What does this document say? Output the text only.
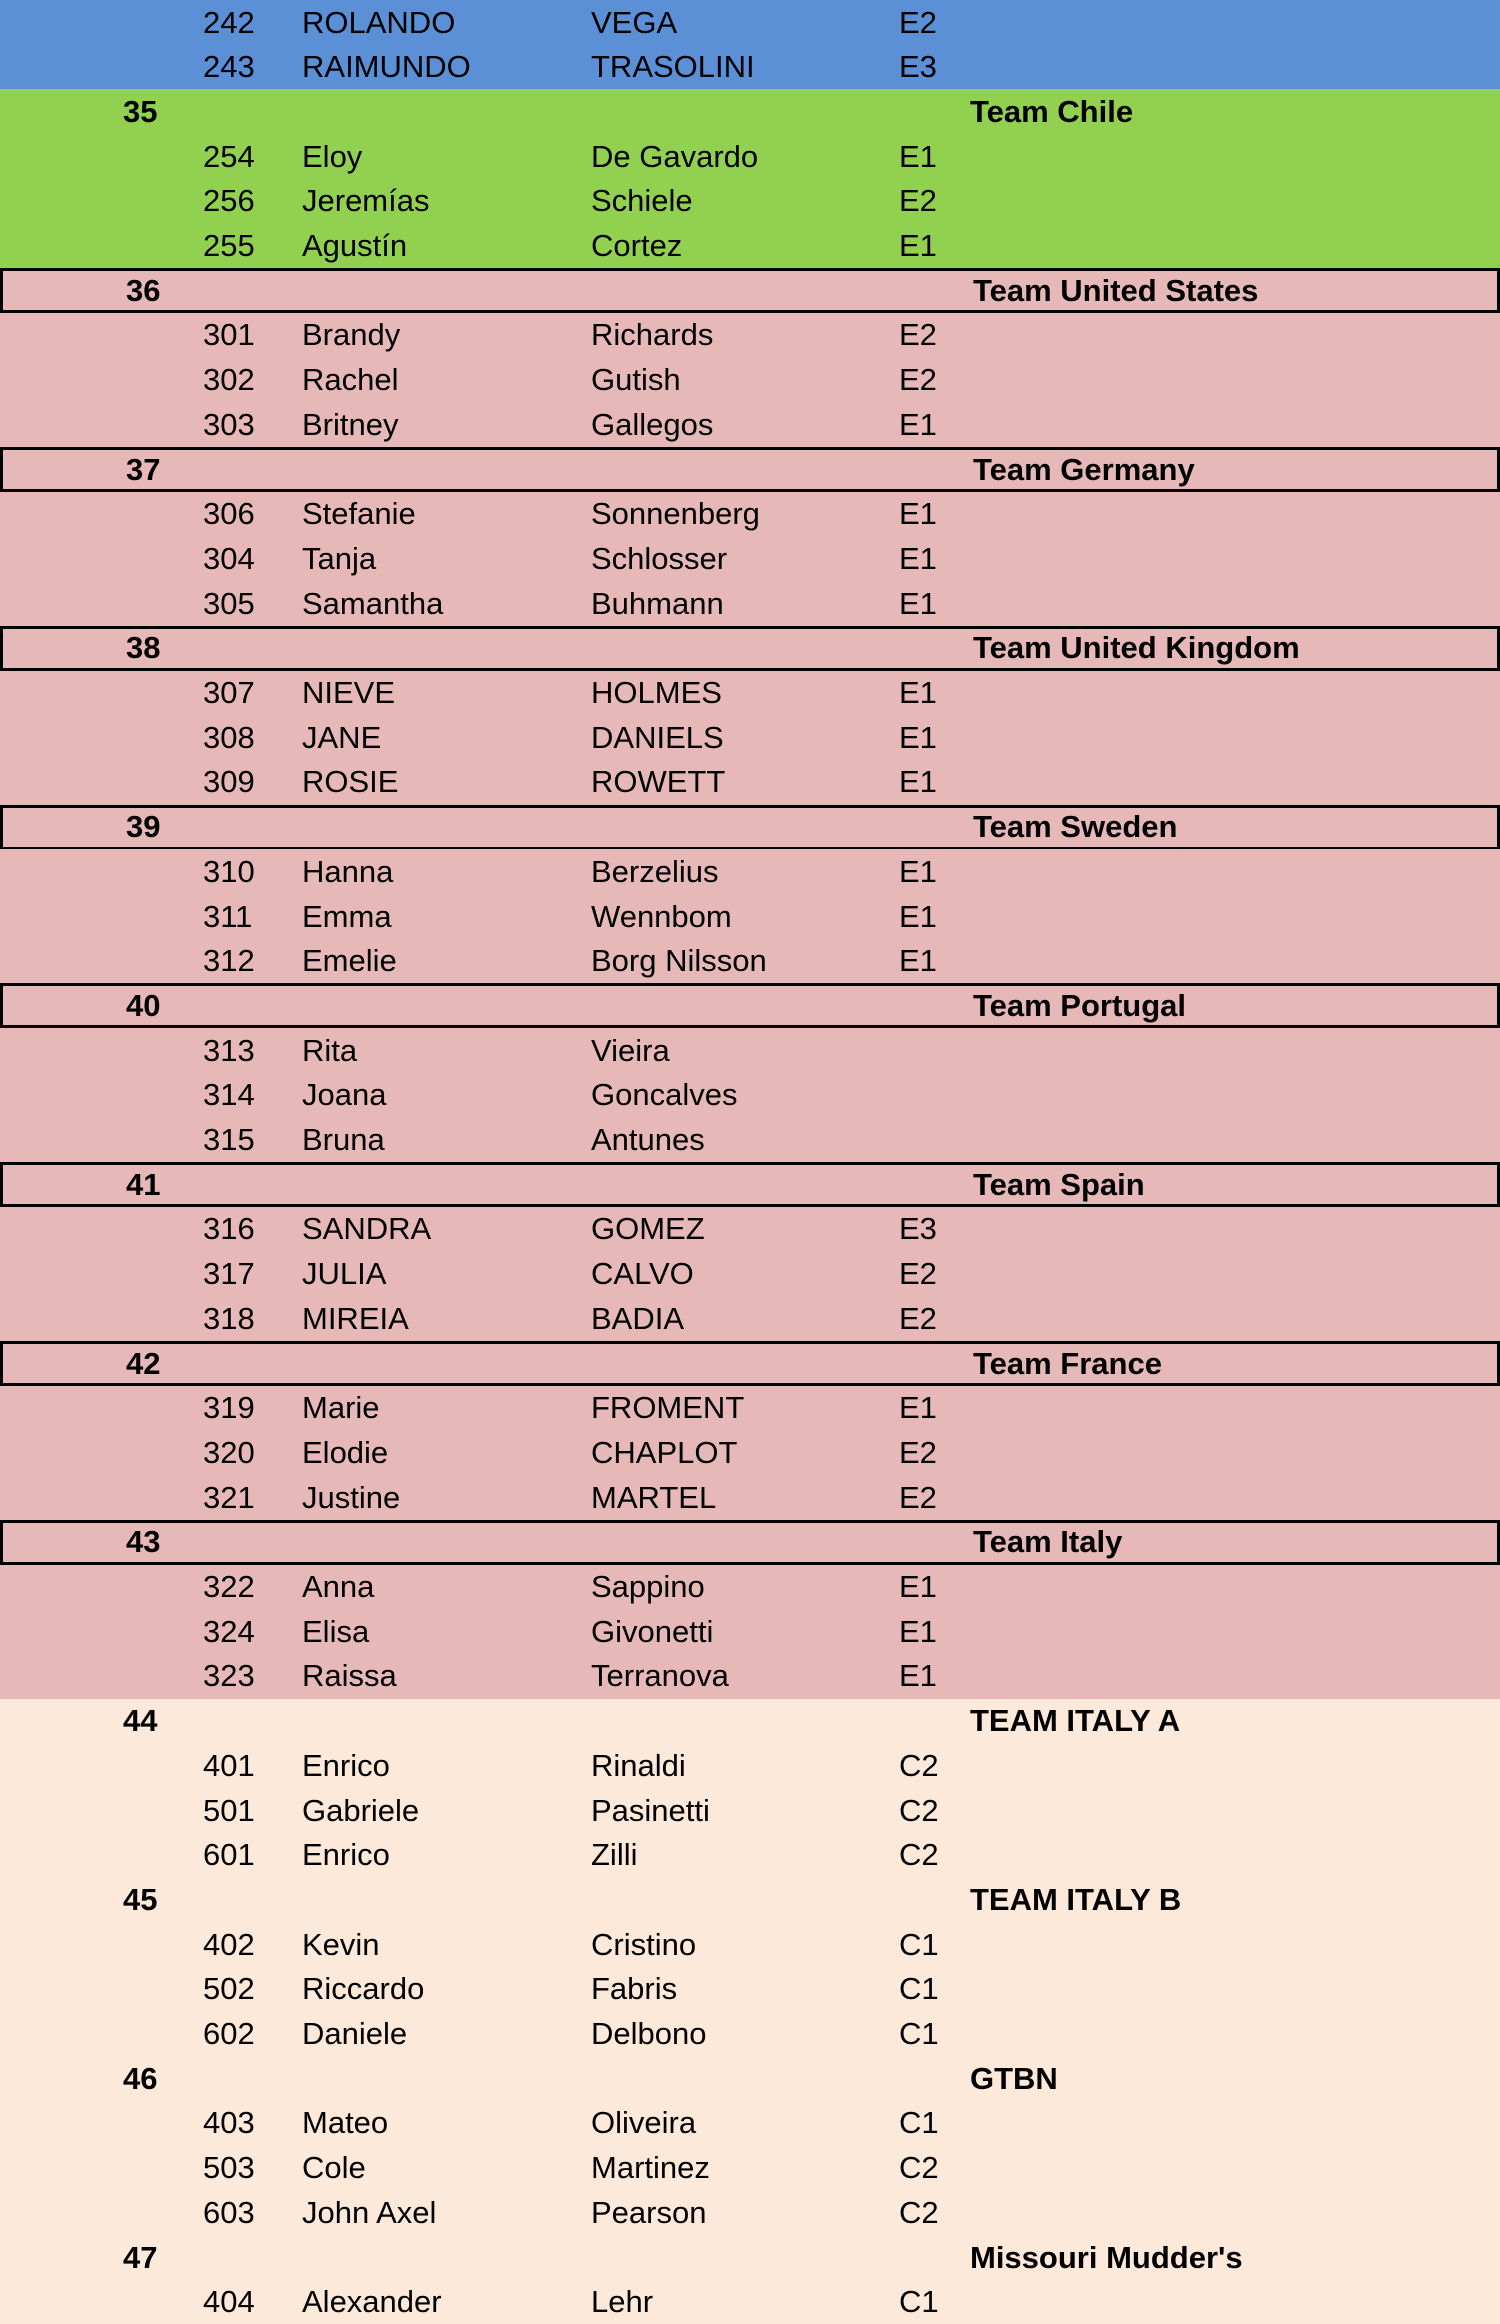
242 ROLANDO	VEGA	E2
243 RAIMUNDO	TRASOLINI	E3
35	Team Chile
254 Eloy	De Gavardo	E1
256 Jeremías	Schiele	E2
255 Agustín	Cortez	E1
36	Team United States
301 Brandy	Richards	E2
302 Rachel	Gutish	E2
303 Britney	Gallegos	E1
37	Team Germany
306 Stefanie	Sonnenberg	E1
304 Tanja	Schlosser	E1
305 Samantha	Buhmann	E1
38	Team United Kingdom
307 NIEVE	HOLMES	E1
308 JANE	DANIELS	E1
309 ROSIE	ROWETT	E1
39	Team Sweden
310 Hanna	Berzelius	E1
311 Emma	Wennbom	E1
312 Emelie	Borg Nilsson	E1
40	Team Portugal
313 Rita	Vieira
314 Joana	Goncalves
315 Bruna	Antunes
41	Team Spain
316 SANDRA	GOMEZ	E3
317 JULIA	CALVO	E2
318 MIREIA	BADIA	E2
42	Team France
319 Marie	FROMENT	E1
320 Elodie	CHAPLOT	E2
321 Justine	MARTEL	E2
43	Team Italy
322 Anna	Sappino	E1
324 Elisa	Givonetti	E1
323 Raissa	Terranova	E1
44	TEAM ITALY A
401 Enrico	Rinaldi	C2
501 Gabriele	Pasinetti	C2
601 Enrico	Zilli	C2
45	TEAM ITALY B
402 Kevin	Cristino	C1
502 Riccardo	Fabris	C1
602 Daniele	Delbono	C1
46	GTBN
403 Mateo	Oliveira	C1
503 Cole	Martinez	C2
603 John Axel	Pearson	C2
47	Missouri Mudder's
404 Alexander	Lehr	C1
